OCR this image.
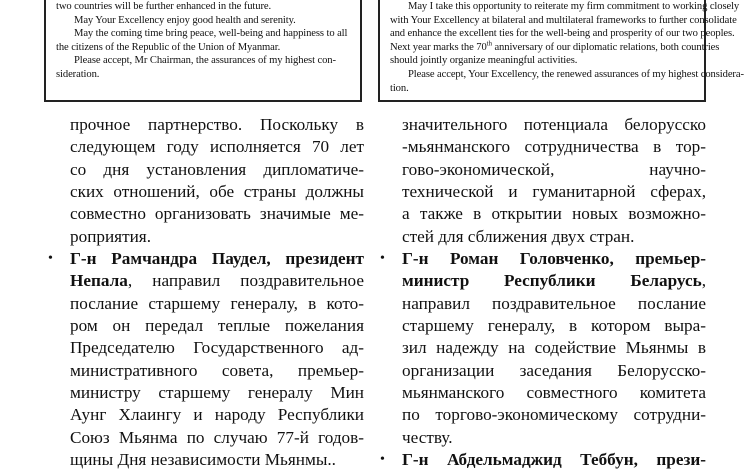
two countries will be further enhanced in the future.

May Your Excellency enjoy good health and serenity.

May the coming time bring peace, well-being and happiness to all

the citizens of the Republic of the Union of Myanmar.

Please accept, Mr Chairman, the assurances of my highest con-

sideration.

May I take this opportunity to reiterate my firm commitment to working closely

with Your Excellency at bilateral and multilateral frameworks to further consolidate

and enhance the excellent ties for the well-being and prosperity of our two peoples.

Next year marks the 70th anniversary of our diplomatic relations, both countries

should jointly organize meaningful activities.

Please accept, Your Excellency, the renewed assurances of my highest considera-

tion.

прочное партнерство. Поскольку в
следующем году исполняется 70 лет
со дня установления дипломатиче-
ских отношений, обе страны должны
совместно организовать значимые ме-
роприятия.
• Г-н Рамчандра Паудел, президент
Непала, направил поздравительное
послание старшему генералу, в кото-
ром он передал теплые пожелания
Председателю Государственного ад-
министративного совета, премьер-
министру старшему генералу Мин
Аунг Хлаингу и народу Республики
Союз Мьянма по случаю 77-й годов-
щины Дня независимости Мьянмы..
значительного потенциала белорусско
-мьянманского сотрудничества в тор-
гово-экономической, научно-
технической и гуманитарной сферах,
а также в открытии новых возможно-
стей для сближения двух стран.
• Г-н Роман Головченко, премьер-
министр Республики Беларусь,
направил поздравительное послание
старшему генералу, в котором выра-
зил надежду на содействие Мьянмы в
организации заседания Белорусско-
мьянманского совместного комитета
по торгово-экономическому сотрудни-
честву.
• Г-н Абдельмаджид Теббун, прези-
